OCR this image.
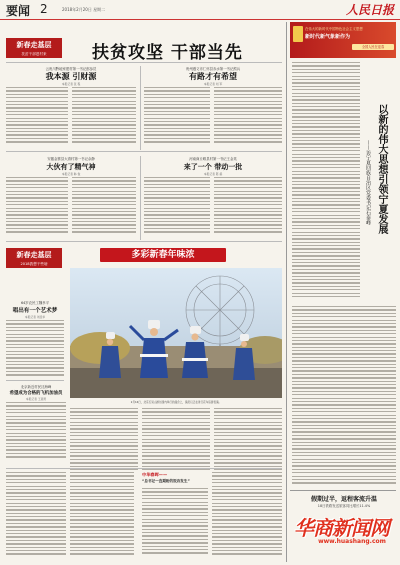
要闻 2	2018年2月20日 星期二	人民日报
新春走基层
扶贫干部进村来	扶贫攻坚 干部当先
云贵川黔地家建村第一书记郎参员
我本源 引财源
本报记者 张 程
贵州遵义市仁怀县赤水第一书记熊兵
有路才有希望
本报记者 刘 军
安徽金寨县大湾村第一书记余静
大伙有了精气神
本报记者 韩 俊
河南商丘睢县村第一书记王金英
来了一个 带动一批
本报记者 陈 娟
新春走基层
2018我想干些啥
多彩新春年味浓
64岁农民工魏孝平
唱出有一个艺术梦
本报记者 刘佳华
北京新近村民沈海峰
希望成为合格的飞机加油员
本报记者 王昊男
2月16日，北京石景山游乐园内举行的庙会上，演员们正在进行花车巡游表演。
中华春晖——
“总书记一直期盼的饭店发生”
在伟大的新时代中国特色社会主义思想
新时代新气象新作为
全国人民在迎春
以新的伟大思想引领宁夏发展
——访宁夏回族自治区党委书记石泰峰
假期过半，返程客流升温
18日铁路发送旅客同比增长11.4%
华商新闻网
www.huashang.com
